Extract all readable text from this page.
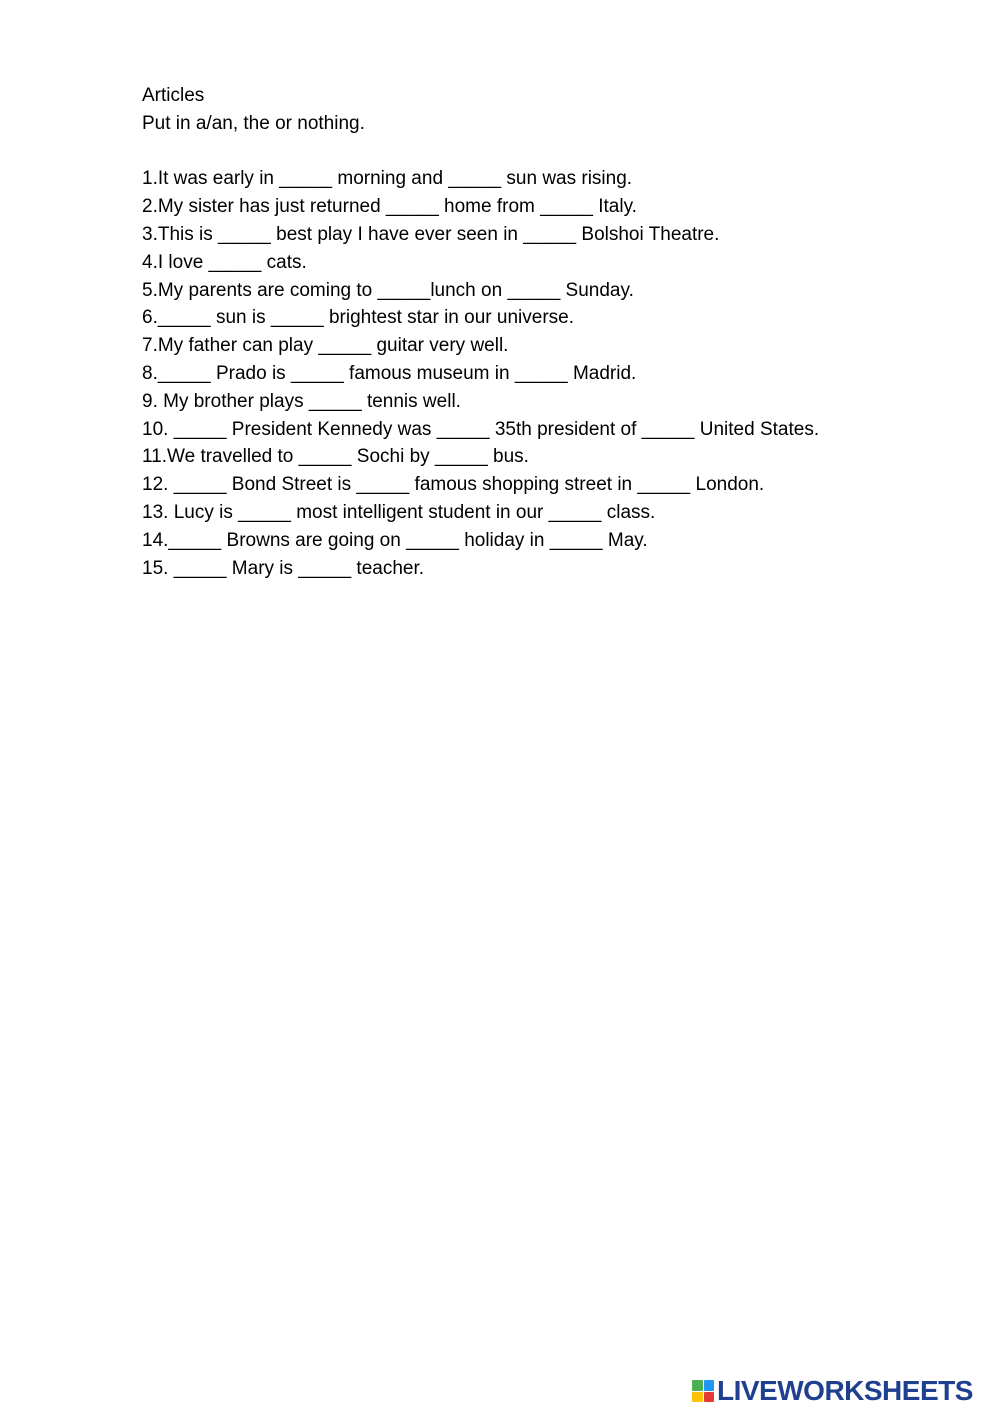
Articles
Put in a/an, the or nothing.
1.It was early in _____ morning and _____ sun was rising.
2.My sister has just returned _____ home from _____ Italy.
3.This is _____ best play I have ever seen in _____ Bolshoi Theatre.
4.I love _____ cats.
5.My parents are coming to _____lunch on _____ Sunday.
6._____ sun is _____ brightest star in our universe.
7.My father can play _____ guitar very well.
8._____ Prado is _____ famous museum in _____ Madrid.
9. My brother plays _____ tennis well.
10. _____ President Kennedy was _____ 35th president of _____ United States.
11.We travelled to _____ Sochi by _____ bus.
12. _____ Bond Street is _____ famous shopping street in _____ London.
13. Lucy is _____ most intelligent student in our _____ class.
14._____ Browns are going on _____ holiday in _____ May.
15. _____ Mary is _____ teacher.
LIVEWORKSHEETS
